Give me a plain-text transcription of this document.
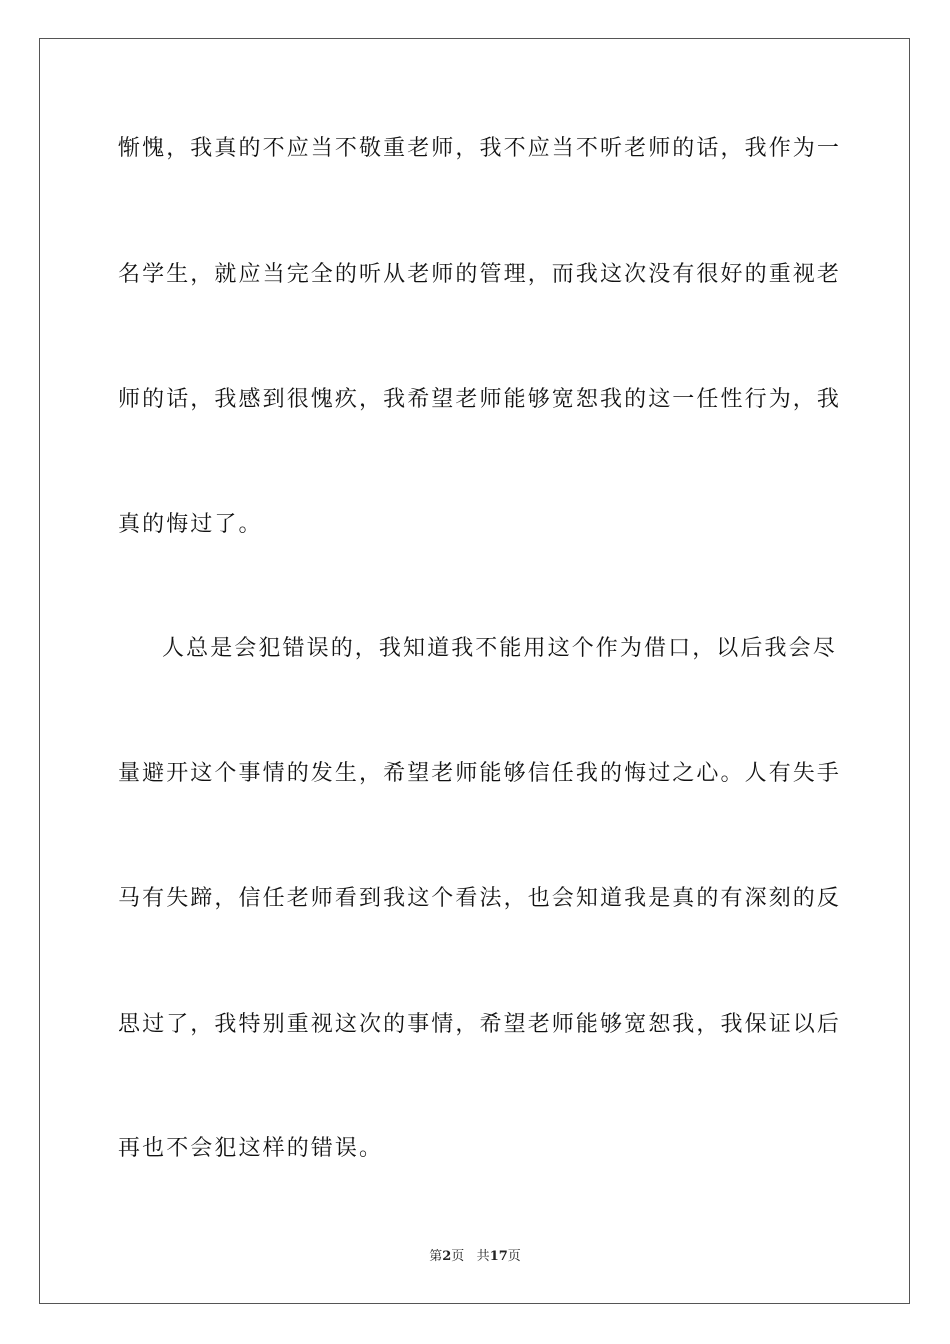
惭愧，我真的不应当不敬重老师，我不应当不听老师的话，我作为一
名学生，就应当完全的听从老师的管理，而我这次没有很好的重视老
师的话，我感到很愧疚，我希望老师能够宽恕我的这一任性行为，我
真的悔过了。
人总是会犯错误的，我知道我不能用这个作为借口，以后我会尽
量避开这个事情的发生，希望老师能够信任我的悔过之心。人有失手
马有失蹄，信任老师看到我这个看法，也会知道我是真的有深刻的反
思过了，我特别重视这次的事情，希望老师能够宽恕我，我保证以后
再也不会犯这样的错误。
第2页 共17页
